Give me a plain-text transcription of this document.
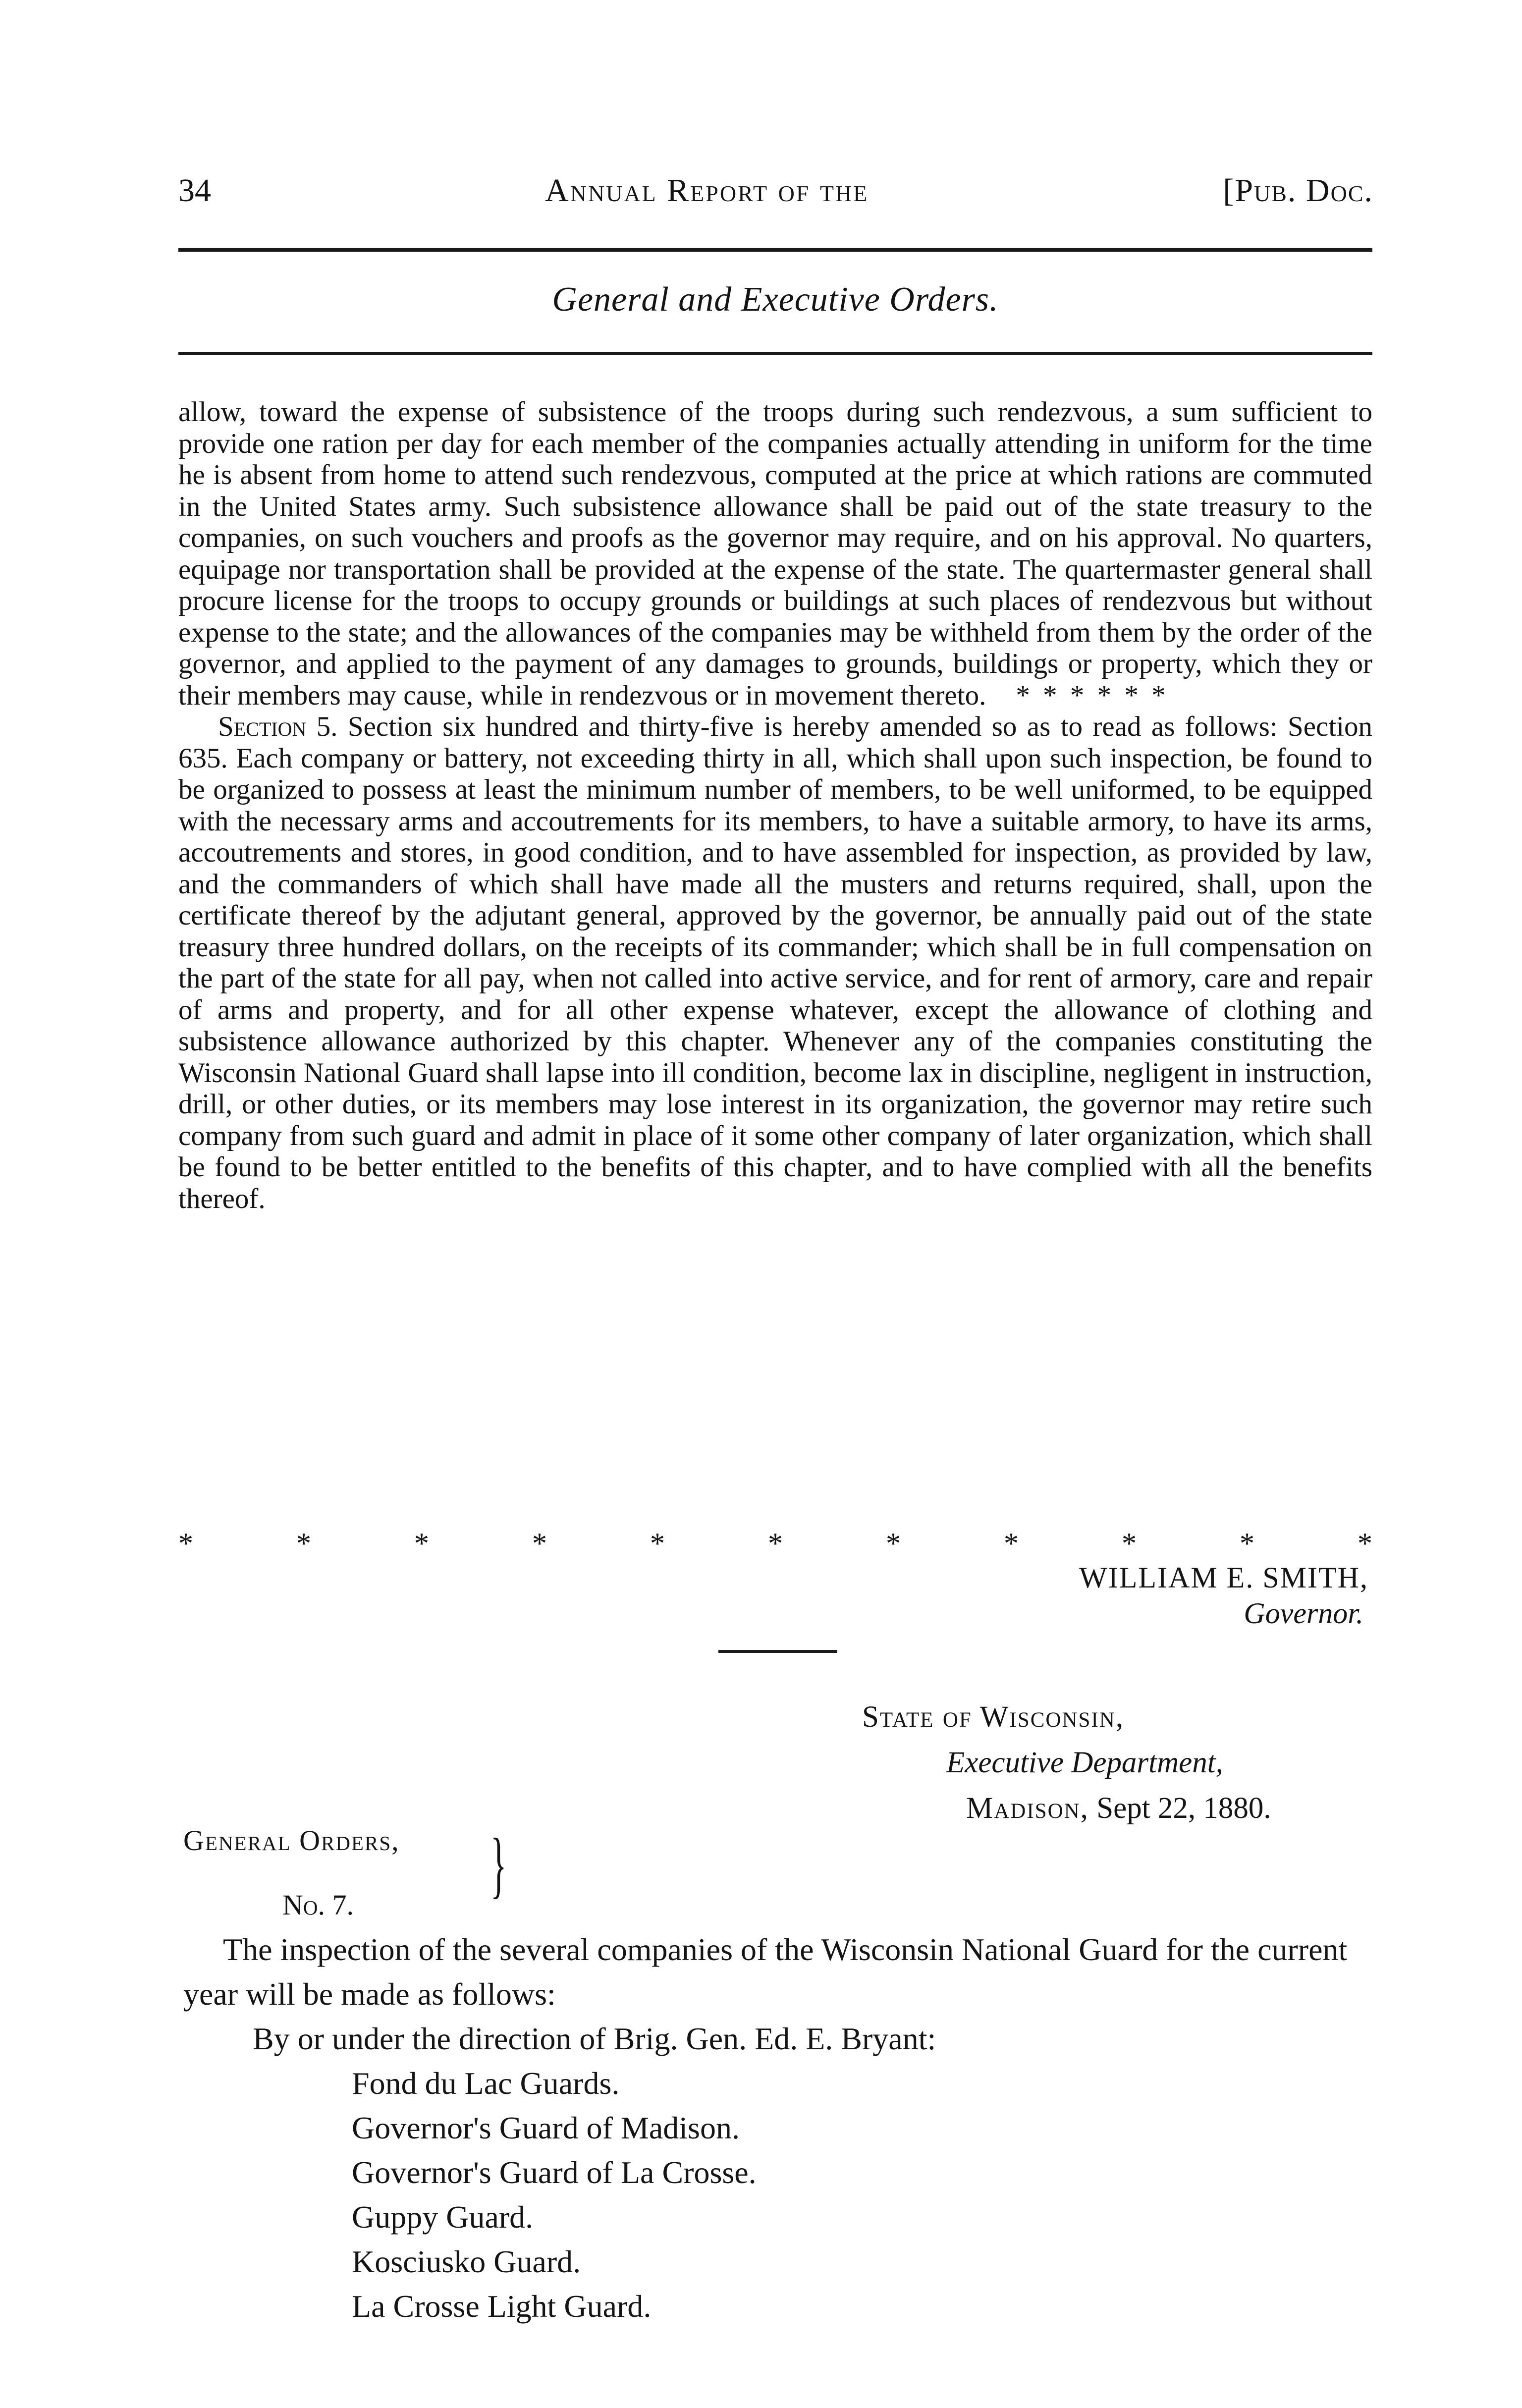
34	Annual Report of the	[Pub. Doc.
General and Executive Orders.

allow, toward the expense of subsistence of the troops during such rendezvous, a sum sufficient to provide one ration per day for each member of the companies actually attending in uniform for the time he is absent from home to attend such rendezvous, computed at the price at which rations are commuted in the United States army. Such subsistence allowance shall be paid out of the state treasury to the companies, on such vouchers and proofs as the governor may require, and on his approval. No quarters, equipage nor transportation shall be provided at the expense of the state. The quartermaster general shall procure license for the troops to occupy grounds or buildings at such places of rendezvous but without expense to the state; and the allowances of the companies may be withheld from them by the order of the governor, and applied to the payment of any damages to grounds, buildings or property, which they or their members may cause, while in rendezvous or in movement thereto. * * * * * *

Section 5. Section six hundred and thirty-five is hereby amended so as to read as follows: Section 635. Each company or battery, not exceeding thirty in all, which shall upon such inspection, be found to be organized to possess at least the minimum number of members, to be well uniformed, to be equipped with the necessary arms and accoutrements for its members, to have a suitable armory, to have its arms, accoutrements and stores, in good condition, and to have assembled for inspection, as provided by law, and the commanders of which shall have made all the musters and returns required, shall, upon the certificate thereof by the adjutant general, approved by the governor, be annually paid out of the state treasury three hundred dollars, on the receipts of its commander; which shall be in full compensation on the part of the state for all pay, when not called into active service, and for rent of armory, care and repair of arms and property, and for all other expense whatever, except the allowance of clothing and subsistence allowance authorized by this chapter. Whenever any of the companies constituting the Wisconsin National Guard shall lapse into ill condition, become lax in discipline, negligent in instruction, drill, or other duties, or its members may lose interest in its organization, the governor may retire such company from such guard and admit in place of it some other company of later organization, which shall be found to be better entitled to the benefits of this chapter, and to have complied with all the benefits thereof.

*	*	*	*	*	*	*	*	*	*	*
WILLIAM E. SMITH,
Governor.
State of Wisconsin,
Executive Department,
Madison, Sept 22, 1880.
General Orders,
No. 7.	}

The inspection of the several companies of the Wisconsin National Guard for the current year will be made as follows:

By or under the direction of Brig. Gen. Ed. E. Bryant:

Fond du Lac Guards.
Governor's Guard of Madison.
Governor's Guard of La Crosse.
Guppy Guard.
Kosciusko Guard.
La Crosse Light Guard.
